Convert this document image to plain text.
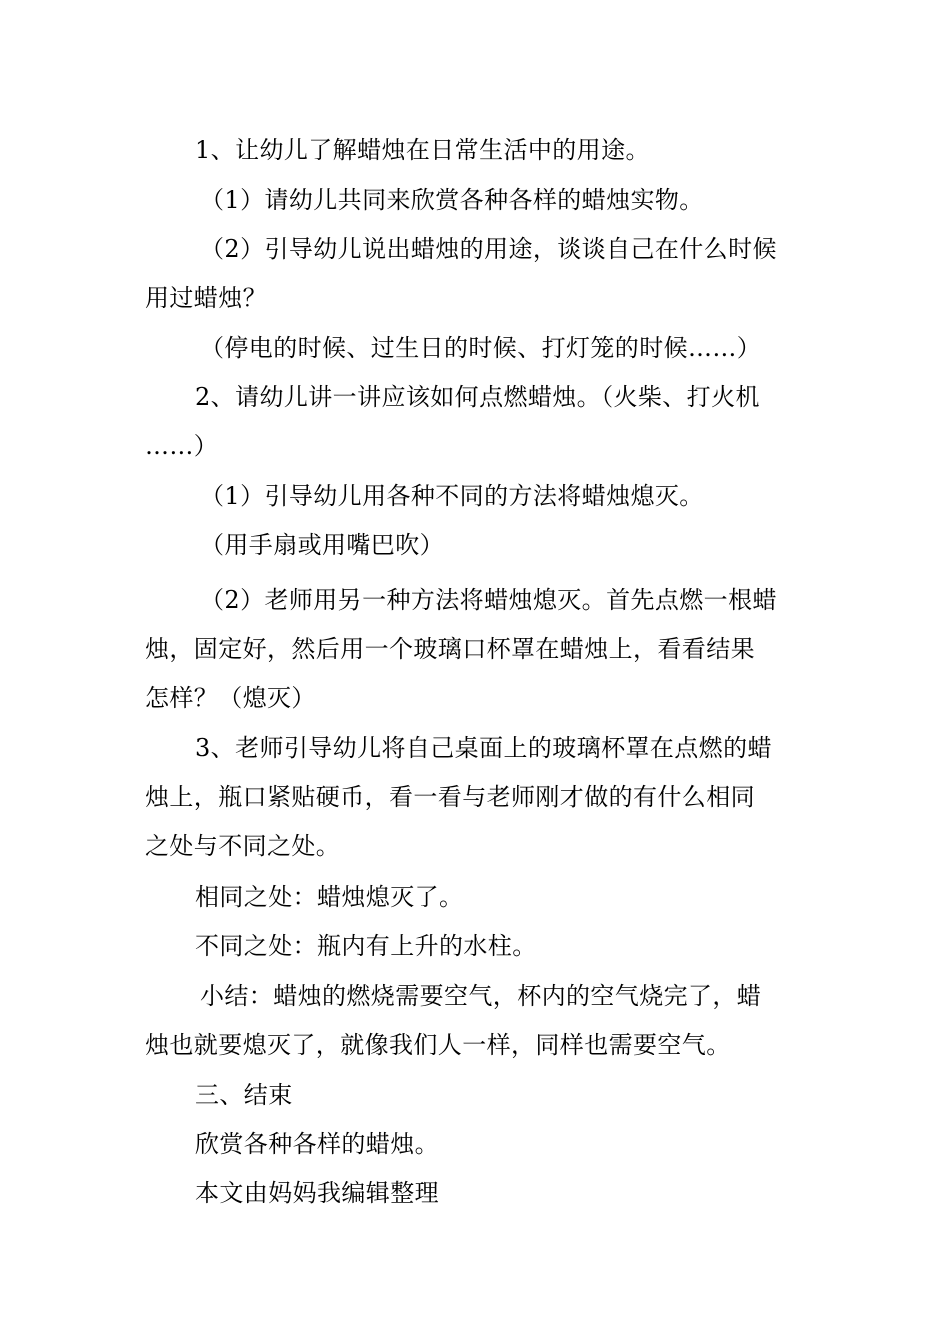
1、让幼儿了解蜡烛在日常生活中的用途。
（1）请幼儿共同来欣赏各种各样的蜡烛实物。
（2）引导幼儿说出蜡烛的用途，谈谈自己在什么时候
用过蜡烛？
（停电的时候、过生日的时候、打灯笼的时候……）
2、请幼儿讲一讲应该如何点燃蜡烛。（火柴、打火机
……）
（1）引导幼儿用各种不同的方法将蜡烛熄灭。
（用手扇或用嘴巴吹）
（2）老师用另一种方法将蜡烛熄灭。首先点燃一根蜡
烛，固定好，然后用一个玻璃口杯罩在蜡烛上，看看结果
怎样？（熄灭）
3、老师引导幼儿将自己桌面上的玻璃杯罩在点燃的蜡
烛上，瓶口紧贴硬币，看一看与老师刚才做的有什么相同
之处与不同之处。
相同之处：蜡烛熄灭了。
不同之处：瓶内有上升的水柱。
小结：蜡烛的燃烧需要空气，杯内的空气烧完了，蜡
烛也就要熄灭了，就像我们人一样，同样也需要空气。
三、结束
欣赏各种各样的蜡烛。
本文由妈妈我编辑整理
